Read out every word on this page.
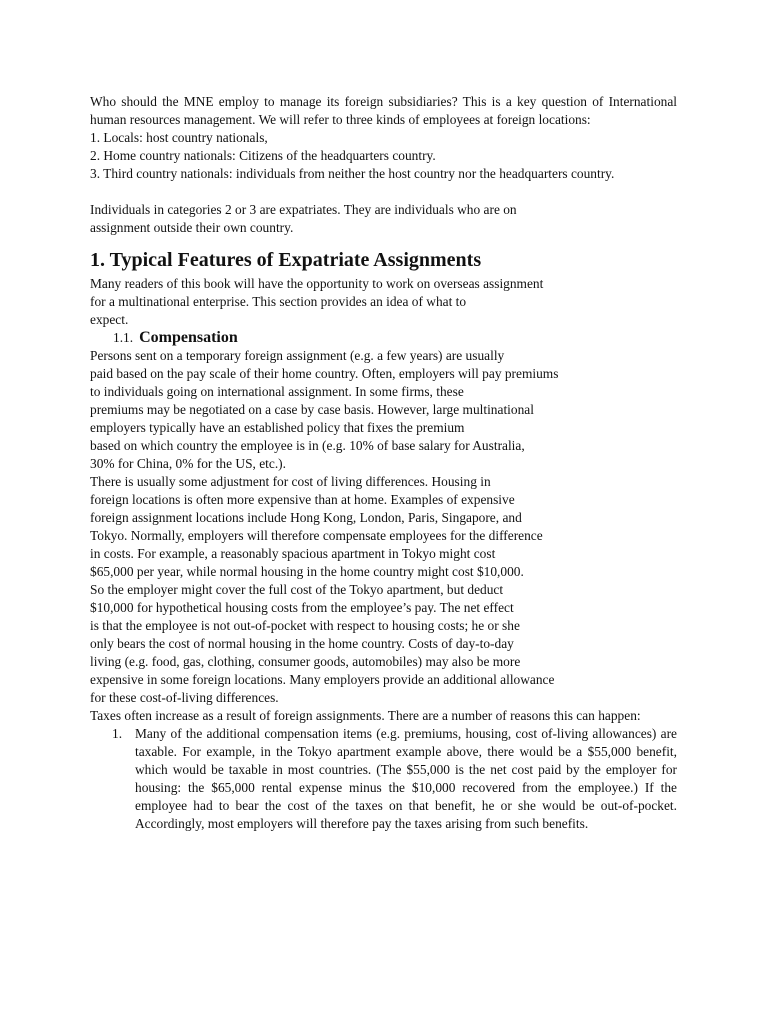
Who should the MNE employ to manage its foreign subsidiaries? This is a key question of International human resources management. We will refer to three kinds of employees at foreign locations:

1. Locals: host country nationals,
2. Home country nationals: Citizens of the headquarters country.

3. Third country nationals: individuals from neither the host country nor the headquarters country.

Individuals in categories 2 or 3 are expatriates. They are individuals who are on
assignment outside their own country.
1. Typical Features of Expatriate Assignments
Many readers of this book will have the opportunity to work on overseas assignment
for a multinational enterprise. This section provides an idea of what to
expect.
1.1. Compensation
Persons sent on a temporary foreign assignment (e.g. a few years) are usually
paid based on the pay scale of their home country. Often, employers will pay premiums
to individuals going on international assignment. In some firms, these
premiums may be negotiated on a case by case basis. However, large multinational
employers typically have an established policy that fixes the premium
based on which country the employee is in (e.g. 10% of base salary for Australia,
30% for China, 0% for the US, etc.).
There is usually some adjustment for cost of living differences. Housing in
foreign locations is often more expensive than at home. Examples of expensive
foreign assignment locations include Hong Kong, London, Paris, Singapore, and
Tokyo. Normally, employers will therefore compensate employees for the difference
in costs. For example, a reasonably spacious apartment in Tokyo might cost
$65,000 per year, while normal housing in the home country might cost $10,000.
So the employer might cover the full cost of the Tokyo apartment, but deduct
$10,000 for hypothetical housing costs from the employee’s pay. The net effect
is that the employee is not out-of-pocket with respect to housing costs; he or she
only bears the cost of normal housing in the home country. Costs of day-to-day
living (e.g. food, gas, clothing, consumer goods, automobiles) may also be more
expensive in some foreign locations. Many employers provide an additional allowance
for these cost-of-living differences.

Taxes often increase as a result of foreign assignments. There are a number of reasons this can happen:

1. Many of the additional compensation items (e.g. premiums, housing, cost of-living allowances) are taxable. For example, in the Tokyo apartment example above, there would be a $55,000 benefit, which would be taxable in most countries. (The $55,000 is the net cost paid by the employer for housing: the $65,000 rental expense minus the $10,000 recovered from the employee.) If the employee had to bear the cost of the taxes on that benefit, he or she would be out-of-pocket. Accordingly, most employers will therefore pay the taxes arising from such benefits.
